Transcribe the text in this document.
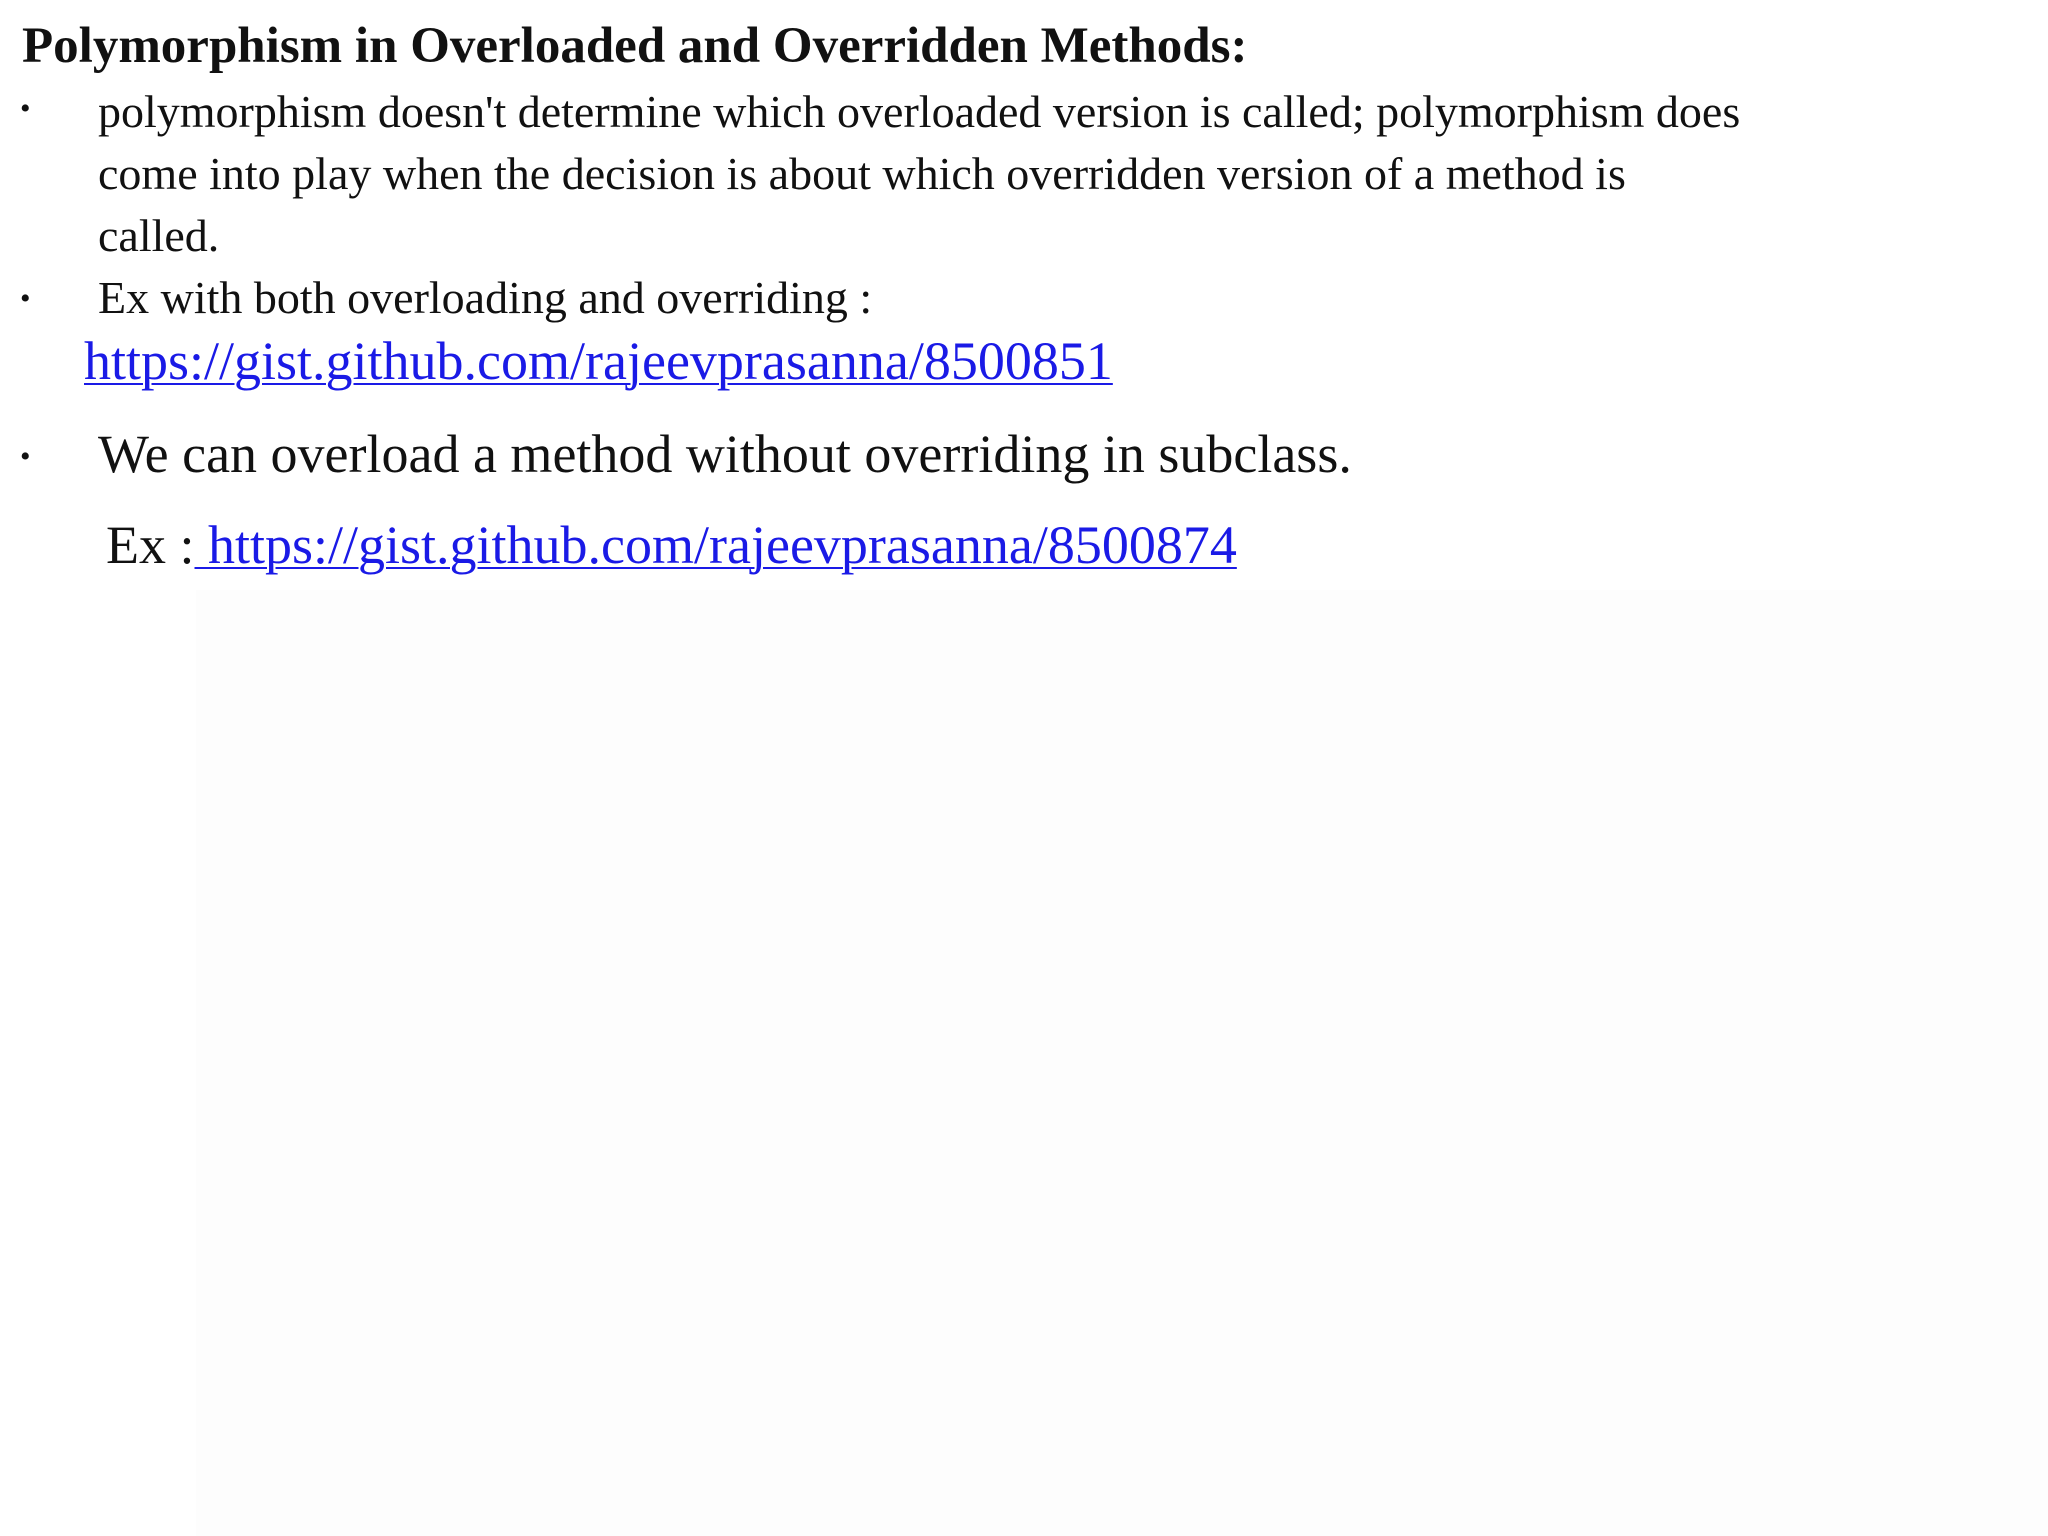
Polymorphism in Overloaded and Overridden Methods:
• polymorphism doesn't determine which overloaded version is called; polymorphism does
come into play when the decision is about which overridden version of a method is
called.
• Ex with both overloading and overriding :
https://gist.github.com/rajeevprasanna/8500851
• We can overload a method without overriding in subclass.
Ex : https://gist.github.com/rajeevprasanna/8500874
